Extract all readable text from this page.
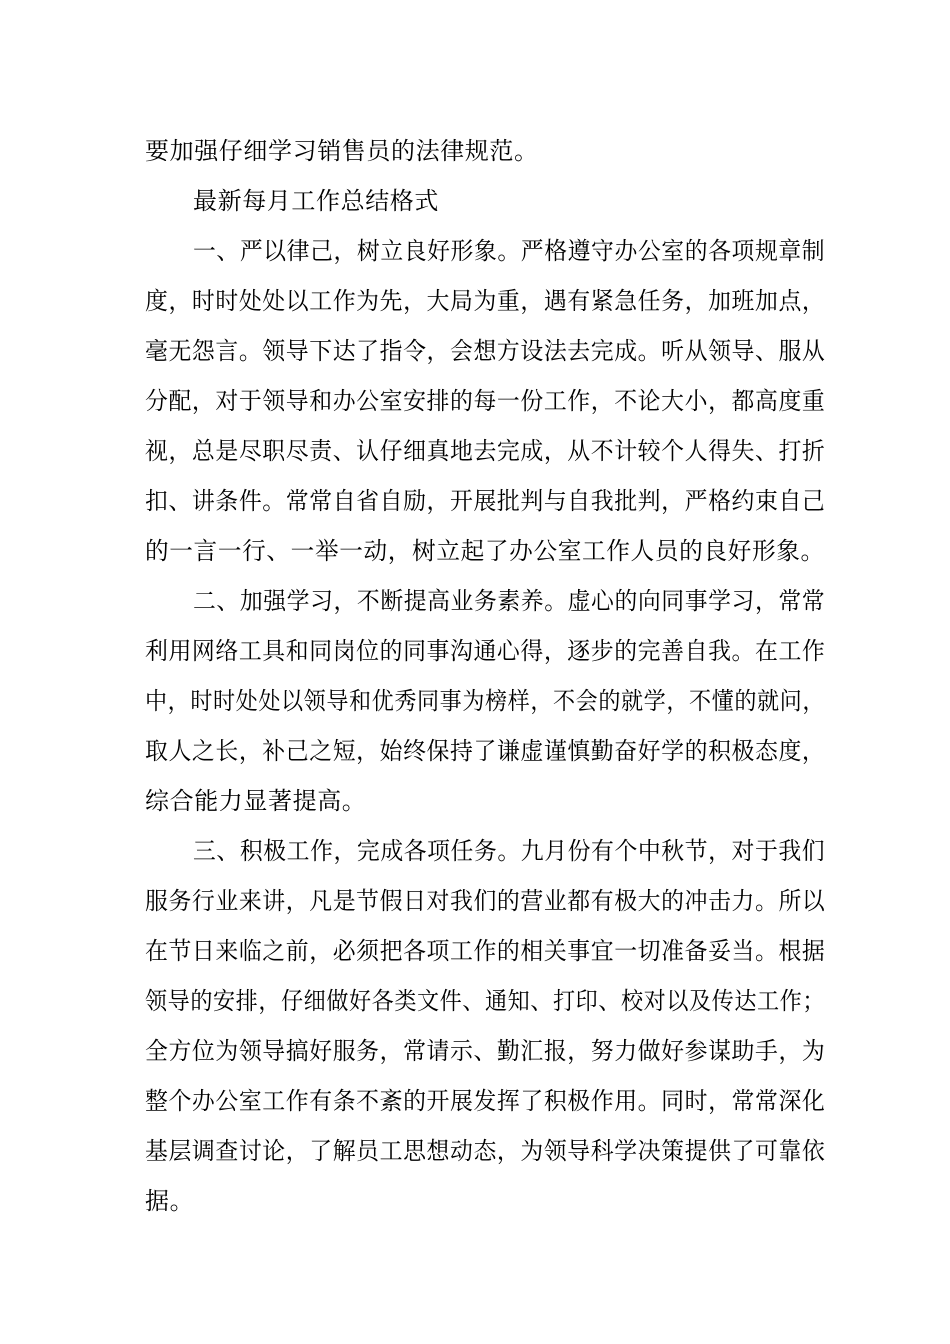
要加强仔细学习销售员的法律规范。
最新每月工作总结格式
一、严以律己，树立良好形象。严格遵守办公室的各项规章制
度，时时处处以工作为先，大局为重，遇有紧急任务，加班加点，
毫无怨言。领导下达了指令，会想方设法去完成。听从领导、服从
分配，对于领导和办公室安排的每一份工作，不论大小，都高度重
视，总是尽职尽责、认仔细真地去完成，从不计较个人得失、打折
扣、讲条件。常常自省自励，开展批判与自我批判，严格约束自己
的一言一行、一举一动，树立起了办公室工作人员的良好形象。
二、加强学习，不断提高业务素养。虚心的向同事学习，常常
利用网络工具和同岗位的同事沟通心得，逐步的完善自我。在工作
中，时时处处以领导和优秀同事为榜样，不会的就学，不懂的就问，
取人之长，补己之短，始终保持了谦虚谨慎勤奋好学的积极态度，
综合能力显著提高。
三、积极工作，完成各项任务。九月份有个中秋节，对于我们
服务行业来讲，凡是节假日对我们的营业都有极大的冲击力。所以
在节日来临之前，必须把各项工作的相关事宜一切准备妥当。根据
领导的安排，仔细做好各类文件、通知、打印、校对以及传达工作；
全方位为领导搞好服务，常请示、勤汇报，努力做好参谋助手，为
整个办公室工作有条不紊的开展发挥了积极作用。同时，常常深化
基层调查讨论，了解员工思想动态，为领导科学决策提供了可靠依
据。
